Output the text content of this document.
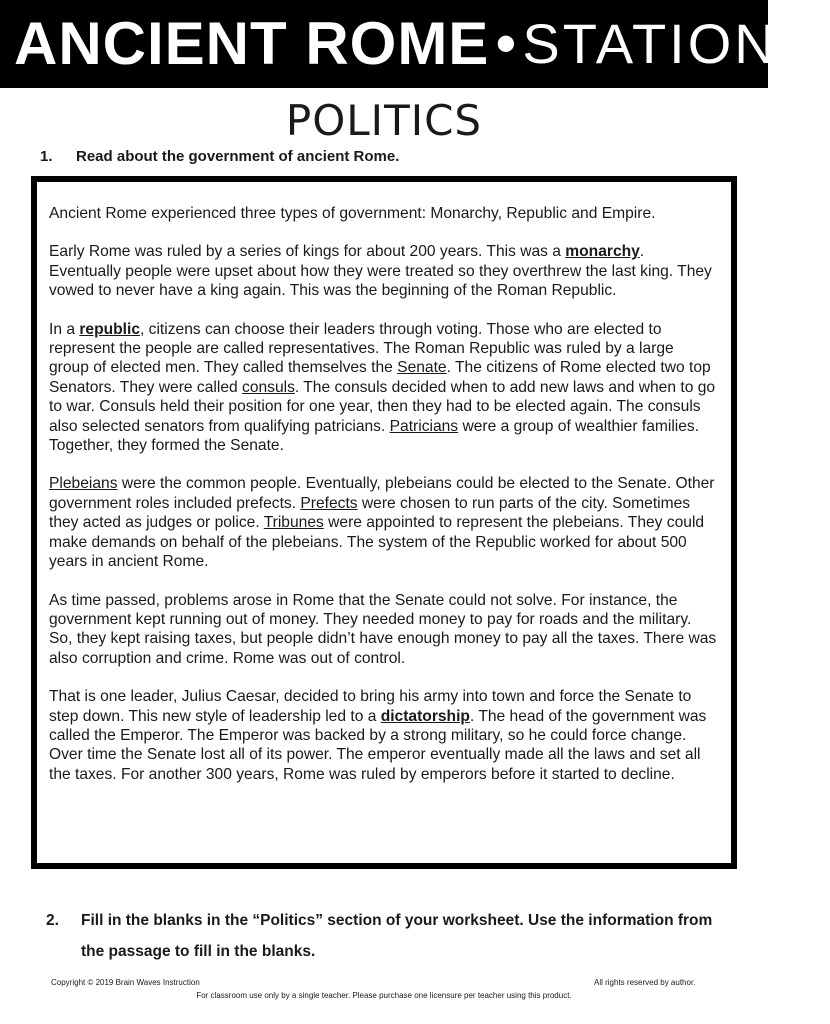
ANCIENT ROME • STATION 4
POLITICS
1.	Read about the government of ancient Rome.

Ancient Rome experienced three types of government: Monarchy, Republic and Empire.

Early Rome was ruled by a series of kings for about 200 years. This was a monarchy. Eventually people were upset about how they were treated so they overthrew the last king. They vowed to never have a king again. This was the beginning of the Roman Republic.

In a republic, citizens can choose their leaders through voting. Those who are elected to represent the people are called representatives. The Roman Republic was ruled by a large group of elected men. They called themselves the Senate. The citizens of Rome elected two top Senators. They were called consuls. The consuls decided when to add new laws and when to go to war. Consuls held their position for one year, then they had to be elected again. The consuls also selected senators from qualifying patricians. Patricians were a group of wealthier families. Together, they formed the Senate.

Plebeians were the common people. Eventually, plebeians could be elected to the Senate. Other government roles included prefects. Prefects were chosen to run parts of the city. Sometimes they acted as judges or police. Tribunes were appointed to represent the plebeians. They could make demands on behalf of the plebeians. The system of the Republic worked for about 500 years in ancient Rome.

As time passed, problems arose in Rome that the Senate could not solve. For instance, the government kept running out of money. They needed money to pay for roads and the military. So, they kept raising taxes, but people didn’t have enough money to pay all the taxes. There was also corruption and crime. Rome was out of control.

That is one leader, Julius Caesar, decided to bring his army into town and force the Senate to step down. This new style of leadership led to a dictatorship. The head of the government was called the Emperor. The Emperor was backed by a strong military, so he could force change. Over time the Senate lost all of its power. The emperor eventually made all the laws and set all the taxes. For another 300 years, Rome was ruled by emperors before it started to decline.

2.	Fill in the blanks in the “Politics” section of your worksheet. Use the information from the passage to fill in the blanks.
Copyright © 2019 Brain Waves Instruction	All rights reserved by author.
For classroom use only by a single teacher. Please purchase one licensure per teacher using this product.
